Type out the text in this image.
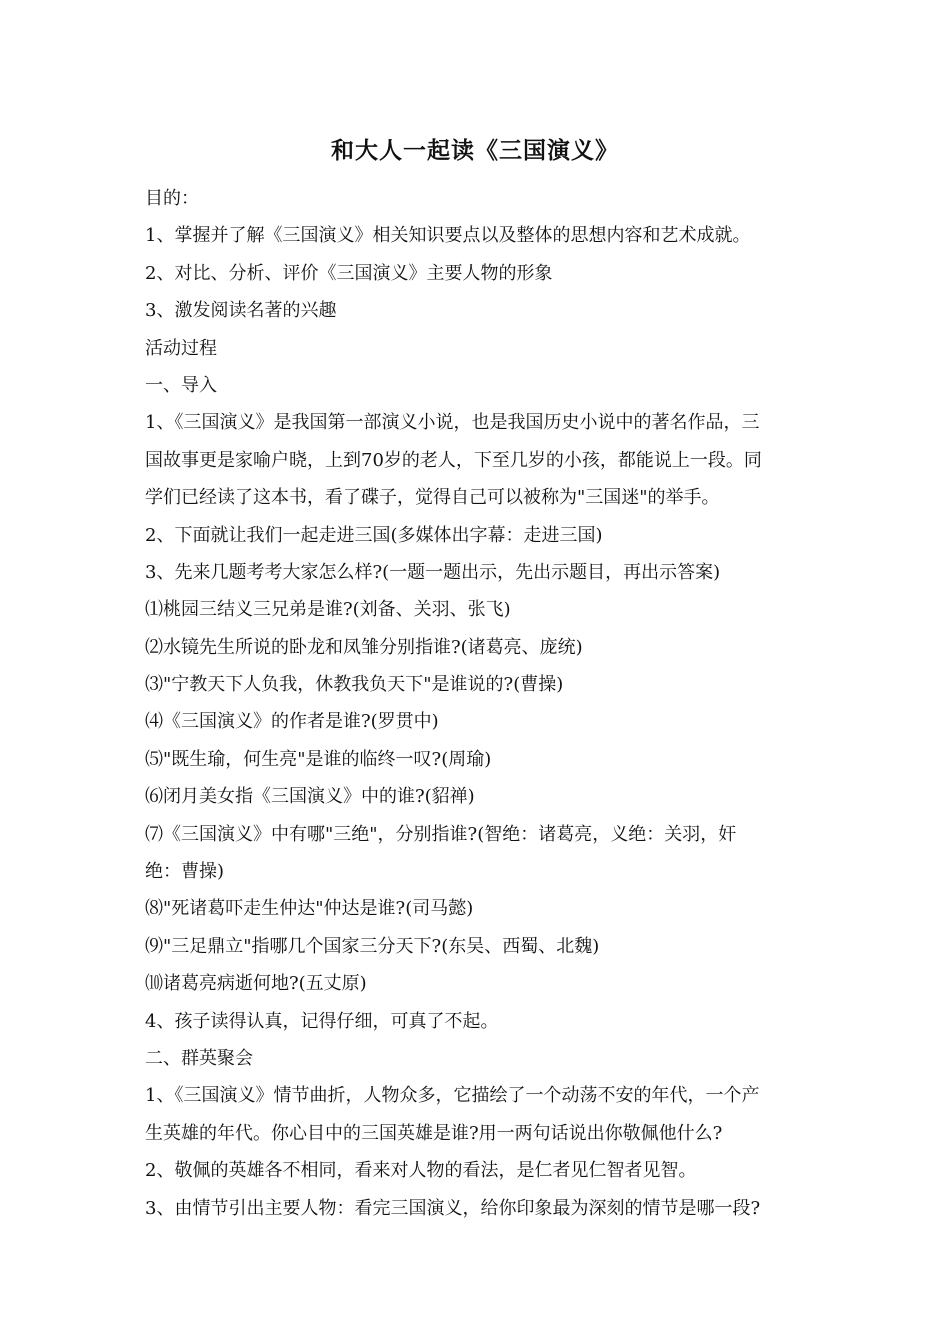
和大人一起读《三国演义》
目的：
1、掌握并了解《三国演义》相关知识要点以及整体的思想内容和艺术成就。
2、对比、分析、评价《三国演义》主要人物的形象
3、激发阅读名著的兴趣
活动过程
一、导入
1、《三国演义》是我国第一部演义小说，也是我国历史小说中的著名作品，三
国故事更是家喻户晓，上到70岁的老人，下至几岁的小孩，都能说上一段。同
学们已经读了这本书，看了碟子，觉得自己可以被称为"三国迷"的举手。
2、下面就让我们一起走进三国(多媒体出字幕：走进三国)
3、先来几题考考大家怎么样?(一题一题出示，先出示题目，再出示答案)
⑴桃园三结义三兄弟是谁?(刘备、关羽、张飞)
⑵水镜先生所说的卧龙和凤雏分别指谁?(诸葛亮、庞统)
⑶"宁教天下人负我，休教我负天下"是谁说的?(曹操)
⑷《三国演义》的作者是谁?(罗贯中)
⑸"既生瑜，何生亮"是谁的临终一叹?(周瑜)
⑹闭月美女指《三国演义》中的谁?(貂禅)
⑺《三国演义》中有哪"三绝"，分别指谁?(智绝：诸葛亮，义绝：关羽，奸
绝：曹操)
⑻"死诸葛吓走生仲达"仲达是谁?(司马懿)
⑼"三足鼎立"指哪几个国家三分天下?(东吴、西蜀、北魏)
⑽诸葛亮病逝何地?(五丈原)
4、孩子读得认真，记得仔细，可真了不起。
二、群英聚会
1、《三国演义》情节曲折，人物众多，它描绘了一个动荡不安的年代，一个产
生英雄的年代。你心目中的三国英雄是谁?用一两句话说出你敬佩他什么?
2、敬佩的英雄各不相同，看来对人物的看法，是仁者见仁智者见智。
3、由情节引出主要人物：看完三国演义，给你印象最为深刻的情节是哪一段?
